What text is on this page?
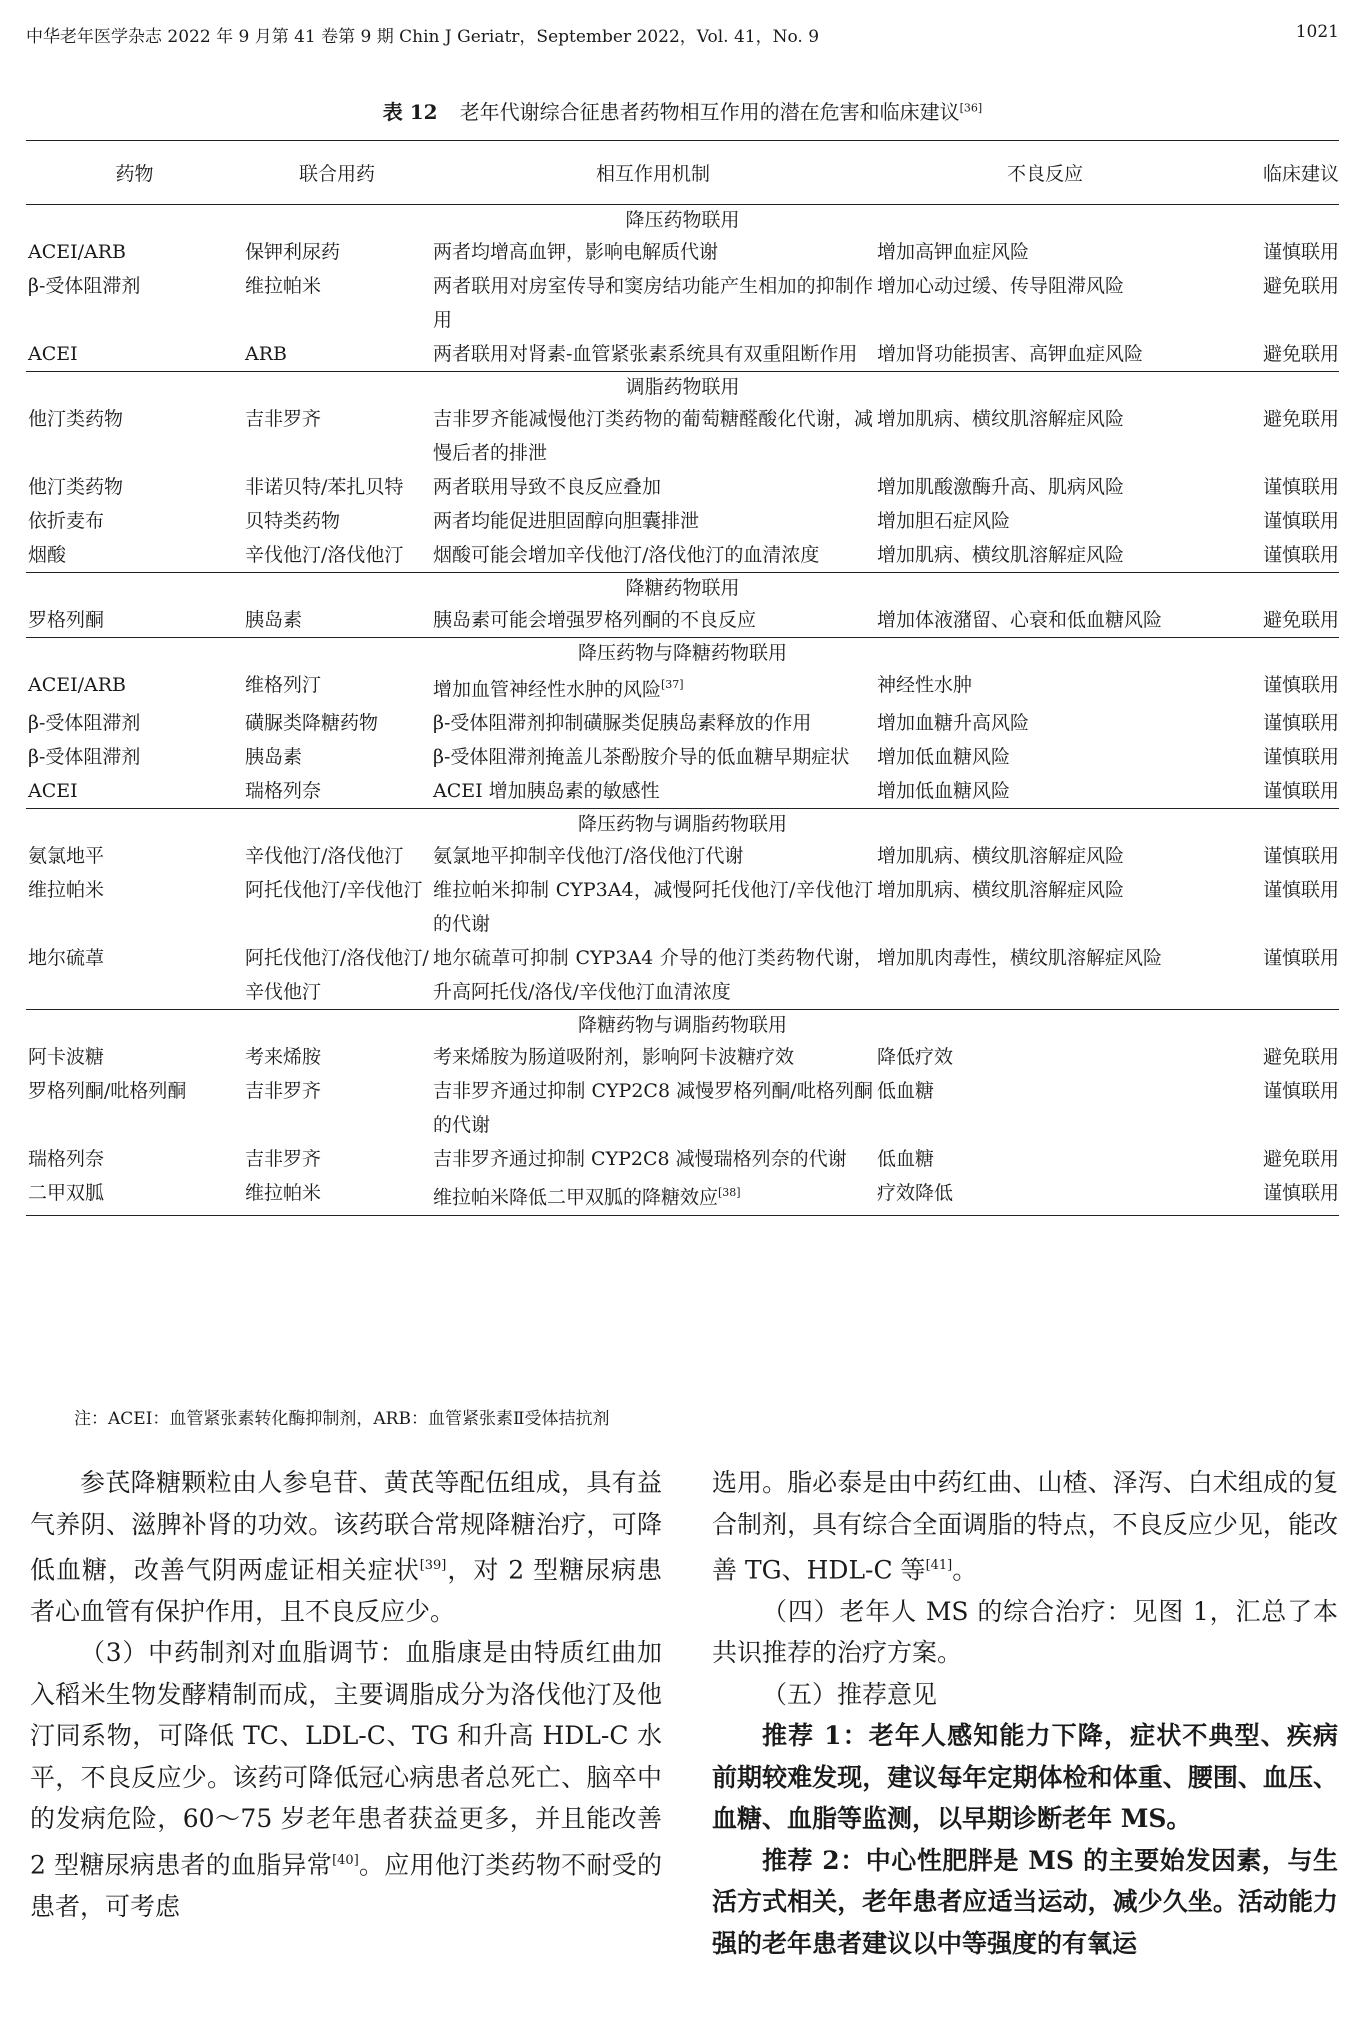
中华老年医学杂志 2022 年 9 月第 41 卷第 9 期 Chin J Geriatr，September 2022，Vol. 41，No. 9	1021
表 12 老年代谢综合征患者药物相互作用的潜在危害和临床建议[36]
药物	联合用药	相互作用机制	不良反应	临床建议
降压药物联用				
ACEI/ARB	保钾利尿药	两者均增高血钾，影响电解质代谢	增加高钾血症风险	谨慎联用
β-受体阻滞剂	维拉帕米	两者联用对房室传导和窦房结功能产生相加的抑制作用	增加心动过缓、传导阻滞风险	避免联用
ACEI	ARB	两者联用对肾素-血管紧张素系统具有双重阻断作用	增加肾功能损害、高钾血症风险	避免联用
调脂药物联用				
他汀类药物	吉非罗齐	吉非罗齐能减慢他汀类药物的葡萄糖醛酸化代谢，减慢后者的排泄	增加肌病、横纹肌溶解症风险	避免联用
他汀类药物	非诺贝特/苯扎贝特	两者联用导致不良反应叠加	增加肌酸激酶升高、肌病风险	谨慎联用
依折麦布	贝特类药物	两者均能促进胆固醇向胆囊排泄	增加胆石症风险	谨慎联用
烟酸	辛伐他汀/洛伐他汀	烟酸可能会增加辛伐他汀/洛伐他汀的血清浓度	增加肌病、横纹肌溶解症风险	谨慎联用
降糖药物联用				
罗格列酮	胰岛素	胰岛素可能会增强罗格列酮的不良反应	增加体液潴留、心衰和低血糖风险	避免联用
降压药物与降糖药物联用				
ACEI/ARB	维格列汀	增加血管神经性水肿的风险[37]	神经性水肿	谨慎联用
β-受体阻滞剂	磺脲类降糖药物	β-受体阻滞剂抑制磺脲类促胰岛素释放的作用	增加血糖升高风险	谨慎联用
β-受体阻滞剂	胰岛素	β-受体阻滞剂掩盖儿茶酚胺介导的低血糖早期症状	增加低血糖风险	谨慎联用
ACEI	瑞格列奈	ACEI 增加胰岛素的敏感性	增加低血糖风险	谨慎联用
降压药物与调脂药物联用				
氨氯地平	辛伐他汀/洛伐他汀	氨氯地平抑制辛伐他汀/洛伐他汀代谢	增加肌病、横纹肌溶解症风险	谨慎联用
维拉帕米	阿托伐他汀/辛伐他汀	维拉帕米抑制 CYP3A4，减慢阿托伐他汀/辛伐他汀的代谢	增加肌病、横纹肌溶解症风险	谨慎联用
地尔硫䓬	阿托伐他汀/洛伐他汀/辛伐他汀	地尔硫䓬可抑制 CYP3A4 介导的他汀类药物代谢，升高阿托伐/洛伐/辛伐他汀血清浓度	增加肌肉毒性，横纹肌溶解症风险	谨慎联用
降糖药物与调脂药物联用				
阿卡波糖	考来烯胺	考来烯胺为肠道吸附剂，影响阿卡波糖疗效	降低疗效	避免联用
罗格列酮/吡格列酮	吉非罗齐	吉非罗齐通过抑制 CYP2C8 减慢罗格列酮/吡格列酮的代谢	低血糖	谨慎联用
瑞格列奈	吉非罗齐	吉非罗齐通过抑制 CYP2C8 减慢瑞格列奈的代谢	低血糖	避免联用
二甲双胍	维拉帕米	维拉帕米降低二甲双胍的降糖效应[38]	疗效降低	谨慎联用
注：ACEI：血管紧张素转化酶抑制剂，ARB：血管紧张素Ⅱ受体拮抗剂

参芪降糖颗粒由人参皂苷、黄芪等配伍组成，具有益气养阴、滋脾补肾的功效。该药联合常规降糖治疗，可降低血糖，改善气阴两虚证相关症状[39]，对 2 型糖尿病患者心血管有保护作用，且不良反应少。

（3）中药制剂对血脂调节：血脂康是由特质红曲加入稻米生物发酵精制而成，主要调脂成分为洛伐他汀及他汀同系物，可降低 TC、LDL-C、TG 和升高 HDL-C 水平，不良反应少。该药可降低冠心病患者总死亡、脑卒中的发病危险，60～75 岁老年患者获益更多，并且能改善 2 型糖尿病患者的血脂异常[40]。应用他汀类药物不耐受的患者，可考虑

选用。脂必泰是由中药红曲、山楂、泽泻、白术组成的复合制剂，具有综合全面调脂的特点，不良反应少见，能改善 TG、HDL-C 等[41]。

（四）老年人 MS 的综合治疗：见图 1，汇总了本共识推荐的治疗方案。

（五）推荐意见

推荐 1：老年人感知能力下降，症状不典型、疾病前期较难发现，建议每年定期体检和体重、腰围、血压、血糖、血脂等监测，以早期诊断老年 MS。

推荐 2：中心性肥胖是 MS 的主要始发因素，与生活方式相关，老年患者应适当运动，减少久坐。活动能力强的老年患者建议以中等强度的有氧运
